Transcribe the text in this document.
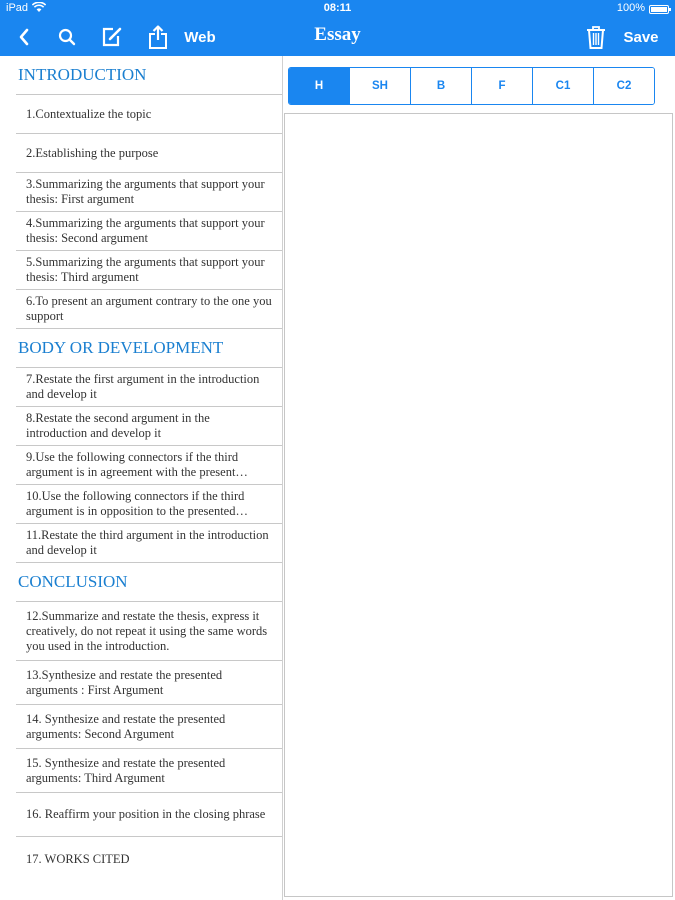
iPad	08:11	100%
Web	Essay	Save
INTRODUCTION
1.Contextualize the topic
2.Establishing the purpose
3.Summarizing the arguments that support your thesis: First argument
4.Summarizing the arguments that support your thesis: Second argument
5.Summarizing the arguments that support your thesis: Third argument
6.To present an argument contrary to the one you support
BODY OR DEVELOPMENT
7.Restate the first argument in the introduction and develop it
8.Restate the second argument in the introduction and develop it
9.Use the following connectors if the third
argument is in agreement with the present…
10.Use the following connectors if the third
argument is in opposition to the presented…
11.Restate the third argument in the introduction and develop it
CONCLUSION
12.Summarize and restate the thesis, express it creatively, do not repeat it using the same words you used in the introduction.
13.Synthesize and restate the presented arguments : First Argument
14. Synthesize and restate the presented arguments: Second Argument
15. Synthesize and restate the presented arguments: Third Argument
16. Reaffirm your position in the closing phrase
17. WORKS CITED
H	SH	B	F	C1	C2
